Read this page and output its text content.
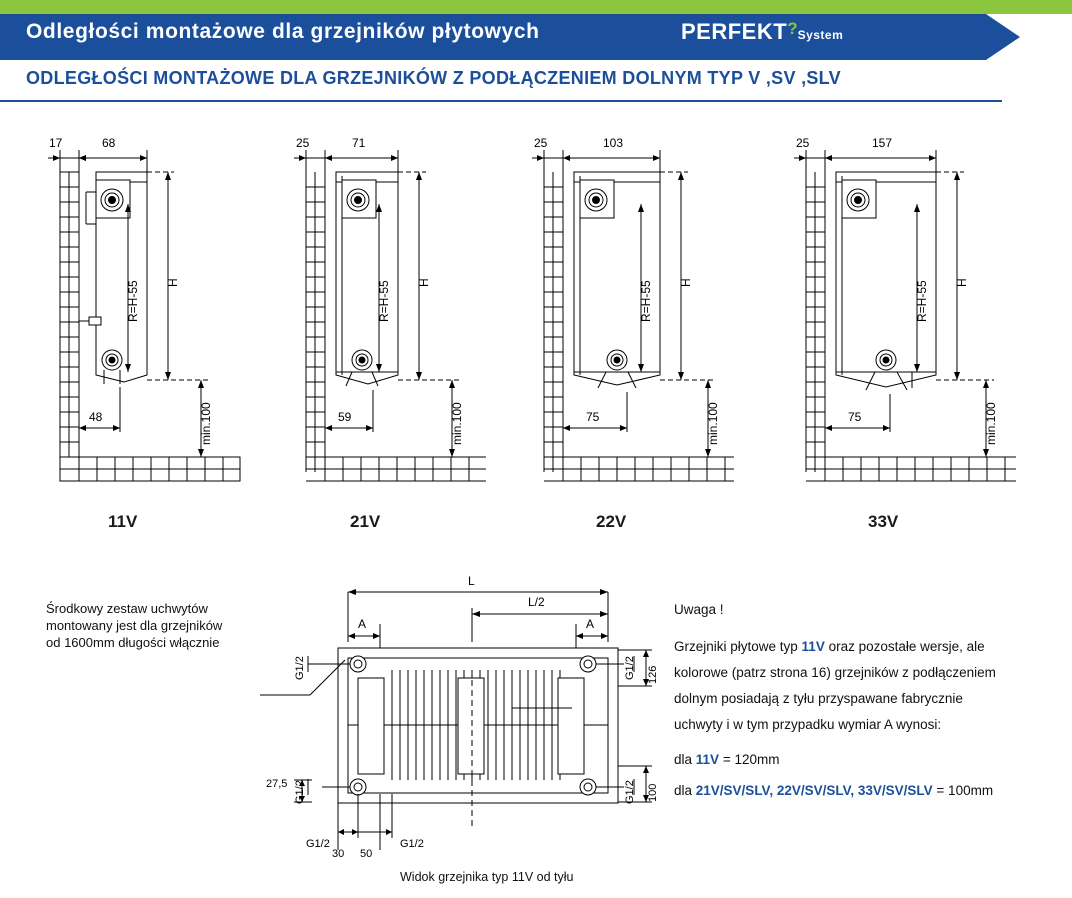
Odległości montażowe dla grzejników płytowych	PERFEKT?System
ODLEGŁOŚCI MONTAŻOWE DLA GRZEJNIKÓW Z PODŁĄCZENIEM DOLNYM TYP V ,SV ,SLV
17	68
R=H-55 H
min.100
48
11V
25	71
R=H-55 H
min.100
59
21V
25	103
R=H-55 H
min.100
75
22V
25	157
R=H-55 H
min.100
75
33V
L
L/2
A	A
G1/2	G1/2 126
100
G1/2	G1/2
27,5
G1/2	G1/2
30 50
Środkowy zestaw uchwytów
montowany jest dla grzejników
od 1600mm długości włącznie
Uwaga !

Grzejniki płytowe typ 11V oraz pozostałe wersje, ale

kolorowe (patrz strona 16) grzejników z podłączeniem

dolnym posiadają z tyłu przyspawane fabrycznie

uchwyty i w tym przypadku wymiar A wynosi:

dla 11V = 120mm

dla 21V/SV/SLV, 22V/SV/SLV, 33V/SV/SLV = 100mm

Widok grzejnika typ 11V od tyłu
